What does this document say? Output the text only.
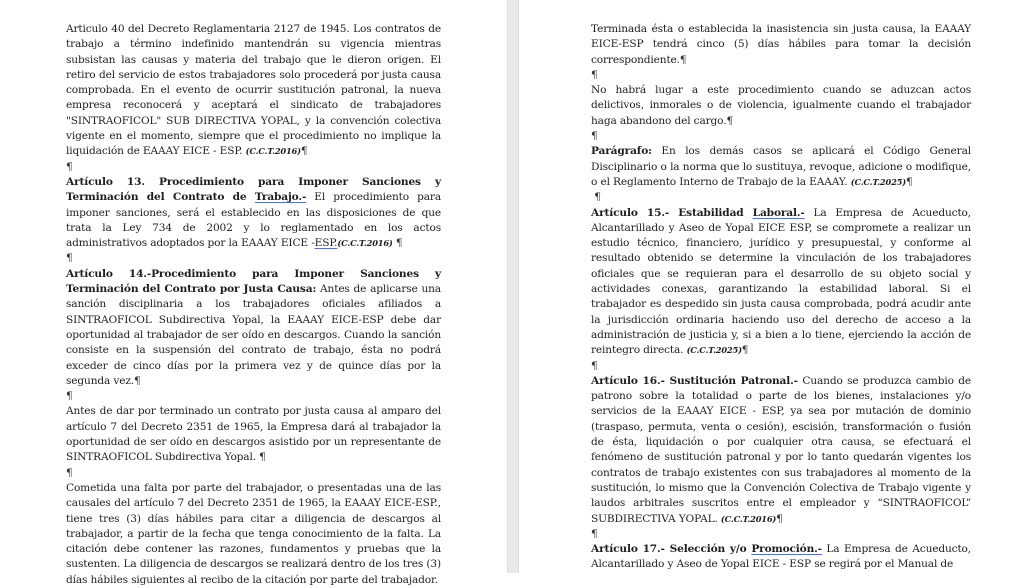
Articulo 40 del Decreto Reglamentaria 2127 de 1945. Los contratos de trabajo a término indefinido mantendrán su vigencia mientras subsistan las causas y materia del trabajo que le dieron origen. El retiro del servicio de estos trabajadores solo procederá por justa causa comprobada. En el evento de ocurrir sustitución patronal, la nueva empresa reconocerá y aceptará el sindicato de trabajadores "SINTRAOFICOL" SUB DIRECTIVA YOPAL, y la convención colectiva vigente en el momento, siempre que el procedimiento no implique la liquidación de EAAAY EICE - ESP. (C.C.T.2016)¶

¶

Artículo 13. Procedimiento para Imponer Sanciones y Terminación del Contrato de Trabajo.- El procedimiento para imponer sanciones, será el establecido en las disposiciones de que trata la Ley 734 de 2002 y lo reglamentado en los actos administrativos adoptados por la EAAAY EICE -ESP.(C.C.T.2016) ¶

¶

Artículo 14.-Procedimiento para Imponer Sanciones y Terminación del Contrato por Justa Causa: Antes de aplicarse una sanción disciplinaria a los trabajadores oficiales afiliados a SINTRAOFICOL Subdirectiva Yopal, la EAAAY EICE-ESP debe dar oportunidad al trabajador de ser oído en descargos. Cuando la sanción consiste en la suspensión del contrato de trabajo, ésta no podrá exceder de cinco días por la primera vez y de quince días por la segunda vez.¶

¶

Antes de dar por terminado un contrato por justa causa al amparo del artículo 7 del Decreto 2351 de 1965, la Empresa dará al trabajador la oportunidad de ser oído en descargos asistido por un representante de SINTRAOFICOL Subdirectiva Yopal. ¶

¶

Cometida una falta por parte del trabajador, o presentadas una de las causales del artículo 7 del Decreto 2351 de 1965, la EAAAY EICE-ESP., tiene tres (3) días hábiles para citar a diligencia de descargos al trabajador, a partir de la fecha que tenga conocimiento de la falta. La citación debe contener las razones, fundamentos y pruebas que la sustenten. La diligencia de descargos se realizará dentro de los tres (3) días hábiles siguientes al recibo de la citación por parte del trabajador.

Terminada ésta o establecida la inasistencia sin justa causa, la EAAAY EICE-ESP tendrá cinco (5) días hábiles para tomar la decisión correspondiente.¶

¶

No habrá lugar a este procedimiento cuando se aduzcan actos delictivos, inmorales o de violencia, igualmente cuando el trabajador haga abandono del cargo.¶

¶

Parágrafo: En los demás casos se aplicará el Código General Disciplinario o la norma que lo sustituya, revoque, adicione o modifique, o el Reglamento Interno de Trabajo de la EAAAY. (C.C.T.2025)¶

¶

Artículo 15.- Estabilidad Laboral.- La Empresa de Acueducto, Alcantarillado y Aseo de Yopal EICE ESP, se compromete a realizar un estudio técnico, financiero, jurídico y presupuestal, y conforme al resultado obtenido se determine la vinculación de los trabajadores oficiales que se requieran para el desarrollo de su objeto social y actividades conexas, garantizando la estabilidad laboral. Si el trabajador es despedido sin justa causa comprobada, podrá acudir ante la jurisdicción ordinaria haciendo uso del derecho de acceso a la administración de justicia y, si a bien a lo tiene, ejerciendo la acción de reintegro directa. (C.C.T.2025)¶

¶

Artículo 16.- Sustitución Patronal.- Cuando se produzca cambio de patrono sobre la totalidad o parte de los bienes, instalaciones y/o servicios de la EAAAY EICE - ESP, ya sea por mutación de dominio (traspaso, permuta, venta o cesión), escisión, transformación o fusión de ésta, liquidación o por cualquier otra causa, se efectuará el fenómeno de sustitución patronal y por lo tanto quedarán vigentes los contratos de trabajo existentes con sus trabajadores al momento de la sustitución, lo mismo que la Convención Colectiva de Trabajo vigente y laudos arbitrales suscritos entre el empleador y “SINTRAOFICOL” SUBDIRECTIVA YOPAL. (C.C.T.2016)¶

¶

Artículo 17.- Selección y/o Promoción.- La Empresa de Acueducto, Alcantarillado y Aseo de Yopal EICE - ESP se regirá por el Manual de
